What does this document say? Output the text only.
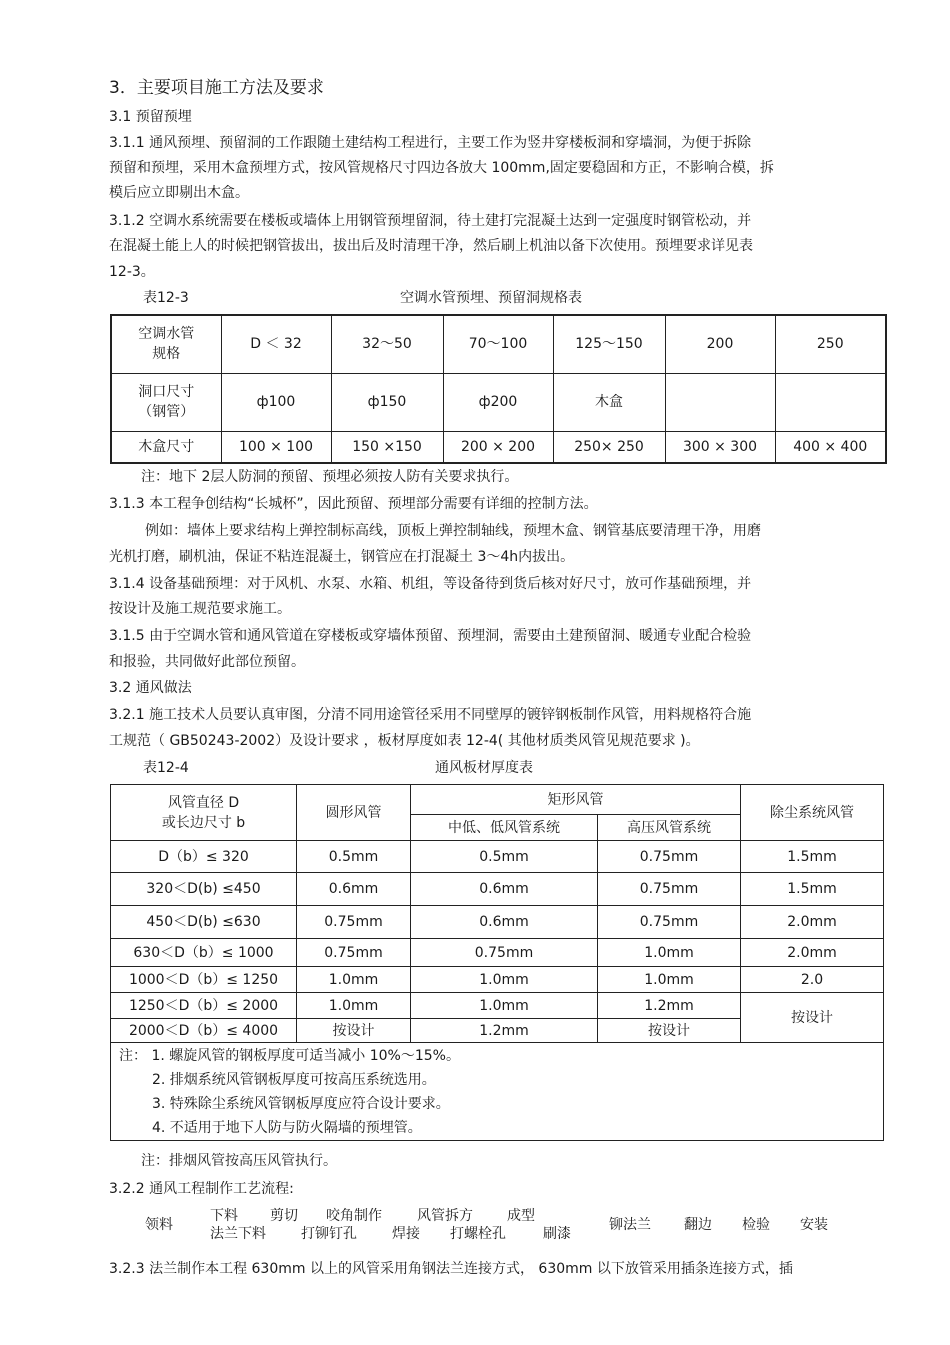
3．主要项目施工方法及要求
3.1 预留预埋
3.1.1 通风预埋、预留洞的工作跟随土建结构工程进行，主要工作为竖井穿楼板洞和穿墙洞，为便于拆除
预留和预埋，采用木盒预埋方式，按风管规格尺寸四边各放大 100mm,固定要稳固和方正，不影响合模，拆
模后应立即剔出木盒。
3.1.2 空调水系统需要在楼板或墙体上用钢管预埋留洞，待土建打完混凝土达到一定强度时钢管松动，并
在混凝土能上人的时候把钢管拔出，拔出后及时清理干净，然后刷上机油以备下次使用。预埋要求详见表
12-3。
表12-3	空调水管预埋、预留洞规格表
空调水管
规格	D ＜ 32	32～50	70～100	125～150	200	250
洞口尺寸
（钢管）	ф100	ф150	ф200	木盒		
木盒尺寸	100 × 100	150 ×150	200 × 200	250× 250	300 × 300	400 × 400
注：地下 2层人防洞的预留、预埋必须按人防有关要求执行。
3.1.3 本工程争创结构“长城杯”，因此预留、预埋部分需要有详细的控制方法。
例如：墙体上要求结构上弹控制标高线，顶板上弹控制轴线，预埋木盒、钢管基底要清理干净，用磨
光机打磨，刷机油，保证不粘连混凝土，钢管应在打混凝土 3～4h内拔出。
3.1.4 设备基础预埋：对于风机、水泵、水箱、机组，等设备待到货后核对好尺寸，放可作基础预埋，并
按设计及施工规范要求施工。
3.1.5 由于空调水管和通风管道在穿楼板或穿墙体预留、预埋洞，需要由土建预留洞、暖通专业配合检验
和报验，共同做好此部位预留。
3.2 通风做法
3.2.1 施工技术人员要认真审图，分清不同用途管径采用不同壁厚的镀锌钢板制作风管，用料规格符合施
工规范（ GB50243-2002）及设计要求 ，板材厚度如表 12-4( 其他材质类风管见规范要求 )。
表12-4	通风板材厚度表
风管直径 D
或长边尺寸 b	圆形风管	矩形风管		除尘系统风管
		中低、低风管系统	高压风管系统	
D（b）≤ 320	0.5mm	0.5mm	0.75mm	1.5mm
320＜D(b) ≤450	0.6mm	0.6mm	0.75mm	1.5mm
450＜D(b) ≤630	0.75mm	0.6mm	0.75mm	2.0mm
630＜D（b）≤ 1000	0.75mm	0.75mm	1.0mm	2.0mm
1000＜D（b）≤ 1250	1.0mm	1.0mm	1.0mm	2.0
1250＜D（b）≤ 2000	1.0mm	1.0mm	1.2mm	按设计
2000＜D（b）≤ 4000	按设计	1.2mm	按设计	

注： 1. 螺旋风管的钢板厚度可适当减小 10%～15%。
2. 排烟系统风管钢板厚度可按高压系统选用。
3. 特殊除尘系统风管钢板厚度应符合设计要求。
4. 不适用于地下人防与防火隔墙的预埋管。				
注：排烟风管按高压风管执行。
3.2.2 通风工程制作工艺流程:
领料
下料 剪切 咬角制作	风管拆方 成型
法兰下料	打铆钉孔	焊接 打螺栓孔	刷漆
铆法兰 翻边 检验 安装
3.2.3 法兰制作本工程 630mm 以上的风管采用角钢法兰连接方式， 630mm 以下放管采用插条连接方式，插
